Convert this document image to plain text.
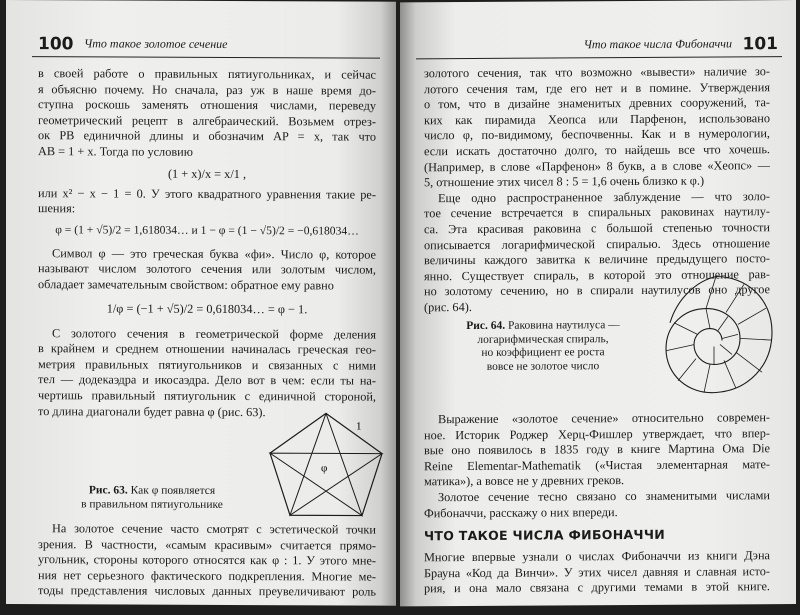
100 Что такое золотое сечение
в своей работе о правильных пятиугольниках, и сейчас
я объясню почему. Но сначала, раз уж в наше время до-
ступна роскошь заменять отношения числами, переведу
геометрический рецепт в алгебраический. Возьмем отрез-
ок PB единичной длины и обозначим AP = x, так что
AB = 1 + x. Тогда по условию
(1 + x)/x = x/1 ,
или x² − x − 1 = 0. У этого квадратного уравнения такие ре-
шения:
φ = (1 + √5)/2 = 1,618034… и 1 − φ = (1 − √5)/2 = −0,618034…
Символ φ — это греческая буква «фи». Число φ, которое
называют числом золотого сечения или золотым числом,
обладает замечательным свойством: обратное ему равно
1/φ = (−1 + √5)/2 = 0,618034… = φ − 1.
С золотого сечения в геометрической форме деления
в крайнем и среднем отношении начиналась греческая гео-
метрия правильных пятиугольников и связанных с ними
тел — додекаэдра и икосаэдра. Дело вот в чем: если ты на-
чертишь правильный пятиугольник с единичной стороной,
то длина диагонали будет равна φ (рис. 63).
Рис. 63. Как φ появляется
в правильном пятиугольнике
1
φ
На золотое сечение часто смотрят с эстетической точки
зрения. В частности, «самым красивым» считается прямо-
угольник, стороны которого относятся как φ : 1. У этого мне-
ния нет серьезного фактического подкрепления. Многие ме-
тоды представления числовых данных преувеличивают роль
Что такое числа Фибоначчи 101
золотого сечения, так что возможно «вывести» наличие зо-
лотого сечения там, где его нет и в помине. Утверждения
о том, что в дизайне знаменитых древних сооружений, та-
ких как пирамида Хеопса или Парфенон, использовано
число φ, по-видимому, беспочвенны. Как и в нумерологии,
если искать достаточно долго, то найдешь все что хочешь.
(Например, в слове «Парфенон» 8 букв, а в слове «Хеопс» —
5, отношение этих чисел 8 : 5 = 1,6 очень близко к φ.)
Еще одно распространенное заблуждение — что золо-
тое сечение встречается в спиральных раковинах наутилу-
са. Эта красивая раковина с большой степенью точности
описывается логарифмической спиралью. Здесь отношение
величины каждого завитка к величине предыдущего посто-
янно. Существует спираль, в которой это отношение рав-
но золотому сечению, но в спирали наутилусов оно другое
(рис. 64).
Рис. 64. Раковина наутилуса —
логарифмическая спираль,
но коэффициент ее роста
вовсе не золотое число
Выражение «золотое сечение» относительно современ-
ное. Историк Роджер Херц-Фишлер утверждает, что впер-
вые оно появилось в 1835 году в книге Мартина Ома Die
Reine Elementar-Mathematik («Чистая элементарная мате-
матика»), а вовсе не у древних греков.
Золотое сечение тесно связано со знаменитыми числами
Фибоначчи, расскажу о них впереди.
ЧТО ТАКОЕ ЧИСЛА ФИБОНАЧЧИ
Многие впервые узнали о числах Фибоначчи из книги Дэна
Брауна «Код да Винчи». У этих чисел давняя и славная исто-
рия, и она мало связана с другими темами в этой книге.
